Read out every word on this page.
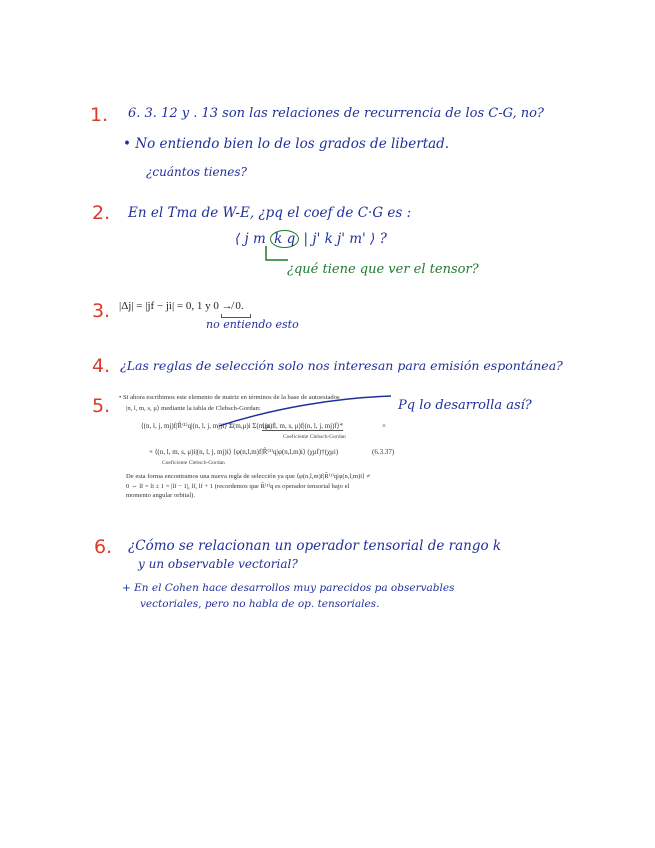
1. 6. 3. 12 y . 13 son las relaciones de recurrencia de los C-G, no?
• No entiendo bien lo de los grados de libertad.
¿cuántos tienes?
2. En el Tma de W-E, ¿pq el coef de C·G es :
⟨ j m k q | j' k j' m' ⟩ ?
¿qué tiene que ver el tensor?
3. |Δj| = |jf − ji| = 0, 1 y 0 ↛ 0.
no entiendo esto
4. ¿Las reglas de selección solo nos interesan para emisión espontánea?
5.	Pq lo desarrolla así?
• Si ahora escribimos este elemento de matriz en términos de la base de autoestados
|n, l, m, s, μ⟩ mediante la tabla de Clebsch-Gordan:
⟨(n, l, j, mj)f|R̂⁽¹⁾q|(n, l, j, mj)i⟩ =
Σ(m,μ)i Σ(m,μ)f
⟨(n, l, m, s, μ)f|(n, l, j, mj)f⟩*	×
Coeficiente Clebsch-Gordan
× ⟨(n, l, m, s, μ)i|(n, l, j, mj)i⟩ ⟨φ(n,l,m)f|R̂⁽¹⁾q|φ(n,l,m)i⟩ (χμf)†(χμi)	(6.3.37)
Coeficiente Clebsch-Gordan
De esta forma encontramos una nueva regla de selección ya que ⟨φ(n,l,m)f|R̂⁽¹⁾q|φ(n,l,m)i⟩ ≠
0 ⇔ lf = li ± 1 = |lf − 1|, lf, lf + 1 (recordemos que R̂⁽¹⁾q es operador tensorial bajo el
momento angular orbital).
6. ¿Cómo se relacionan un operador tensorial de rango k
y un observable vectorial?
+ En el Cohen hace desarrollos muy parecidos pa observables
vectoriales, pero no habla de op. tensoriales.
